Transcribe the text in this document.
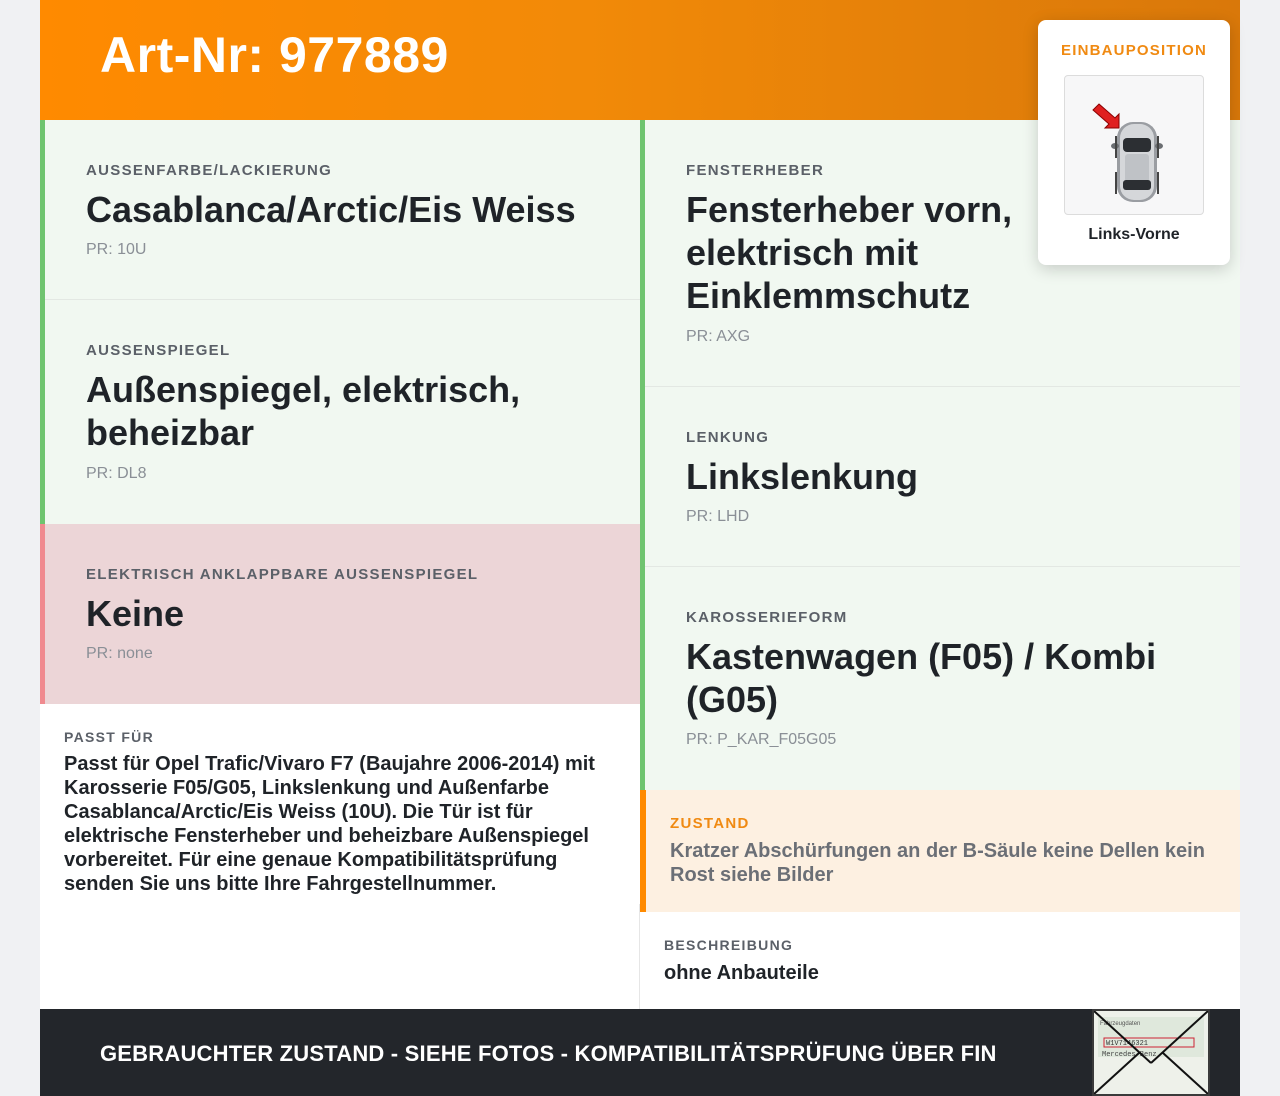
Art-Nr: 977889
AUSSENFARBE/LACKIERUNG
Casablanca/Arctic/Eis Weiss
PR: 10U
AUSSENSPIEGEL
Außenspiegel, elektrisch, beheizbar
PR: DL8
ELEKTRISCH ANKLAPPBARE AUSSENSPIEGEL
Keine
PR: none
PASST FÜR
Passt für Opel Trafic/Vivaro F7 (Baujahre 2006-2014) mit Karosserie F05/G05, Linkslenkung und Außenfarbe Casablanca/Arctic/Eis Weiss (10U). Die Tür ist für elektrische Fensterheber und beheizbare Außenspiegel vorbereitet. Für eine genaue Kompatibilitätsprüfung senden Sie uns bitte Ihre Fahrgestellnummer.
FENSTERHEBER
Fensterheber vorn, elektrisch mit Einklemmschutz
PR: AXG
LENKUNG
Linkslenkung
PR: LHD
KAROSSERIEFORM
Kastenwagen (F05) / Kombi (G05)
PR: P_KAR_F05G05
ZUSTAND
Kratzer Abschürfungen an der B-Säule keine Dellen kein Rost siehe Bilder
BESCHREIBUNG
ohne Anbauteile
EINBAUPOSITION
Links-Vorne
GEBRAUCHTER ZUSTAND - SIEHE FOTOS - KOMPATIBILITÄTSPRÜFUNG ÜBER FIN
Fahrzeugdaten
W1V7146321
Mercedes-Benz
